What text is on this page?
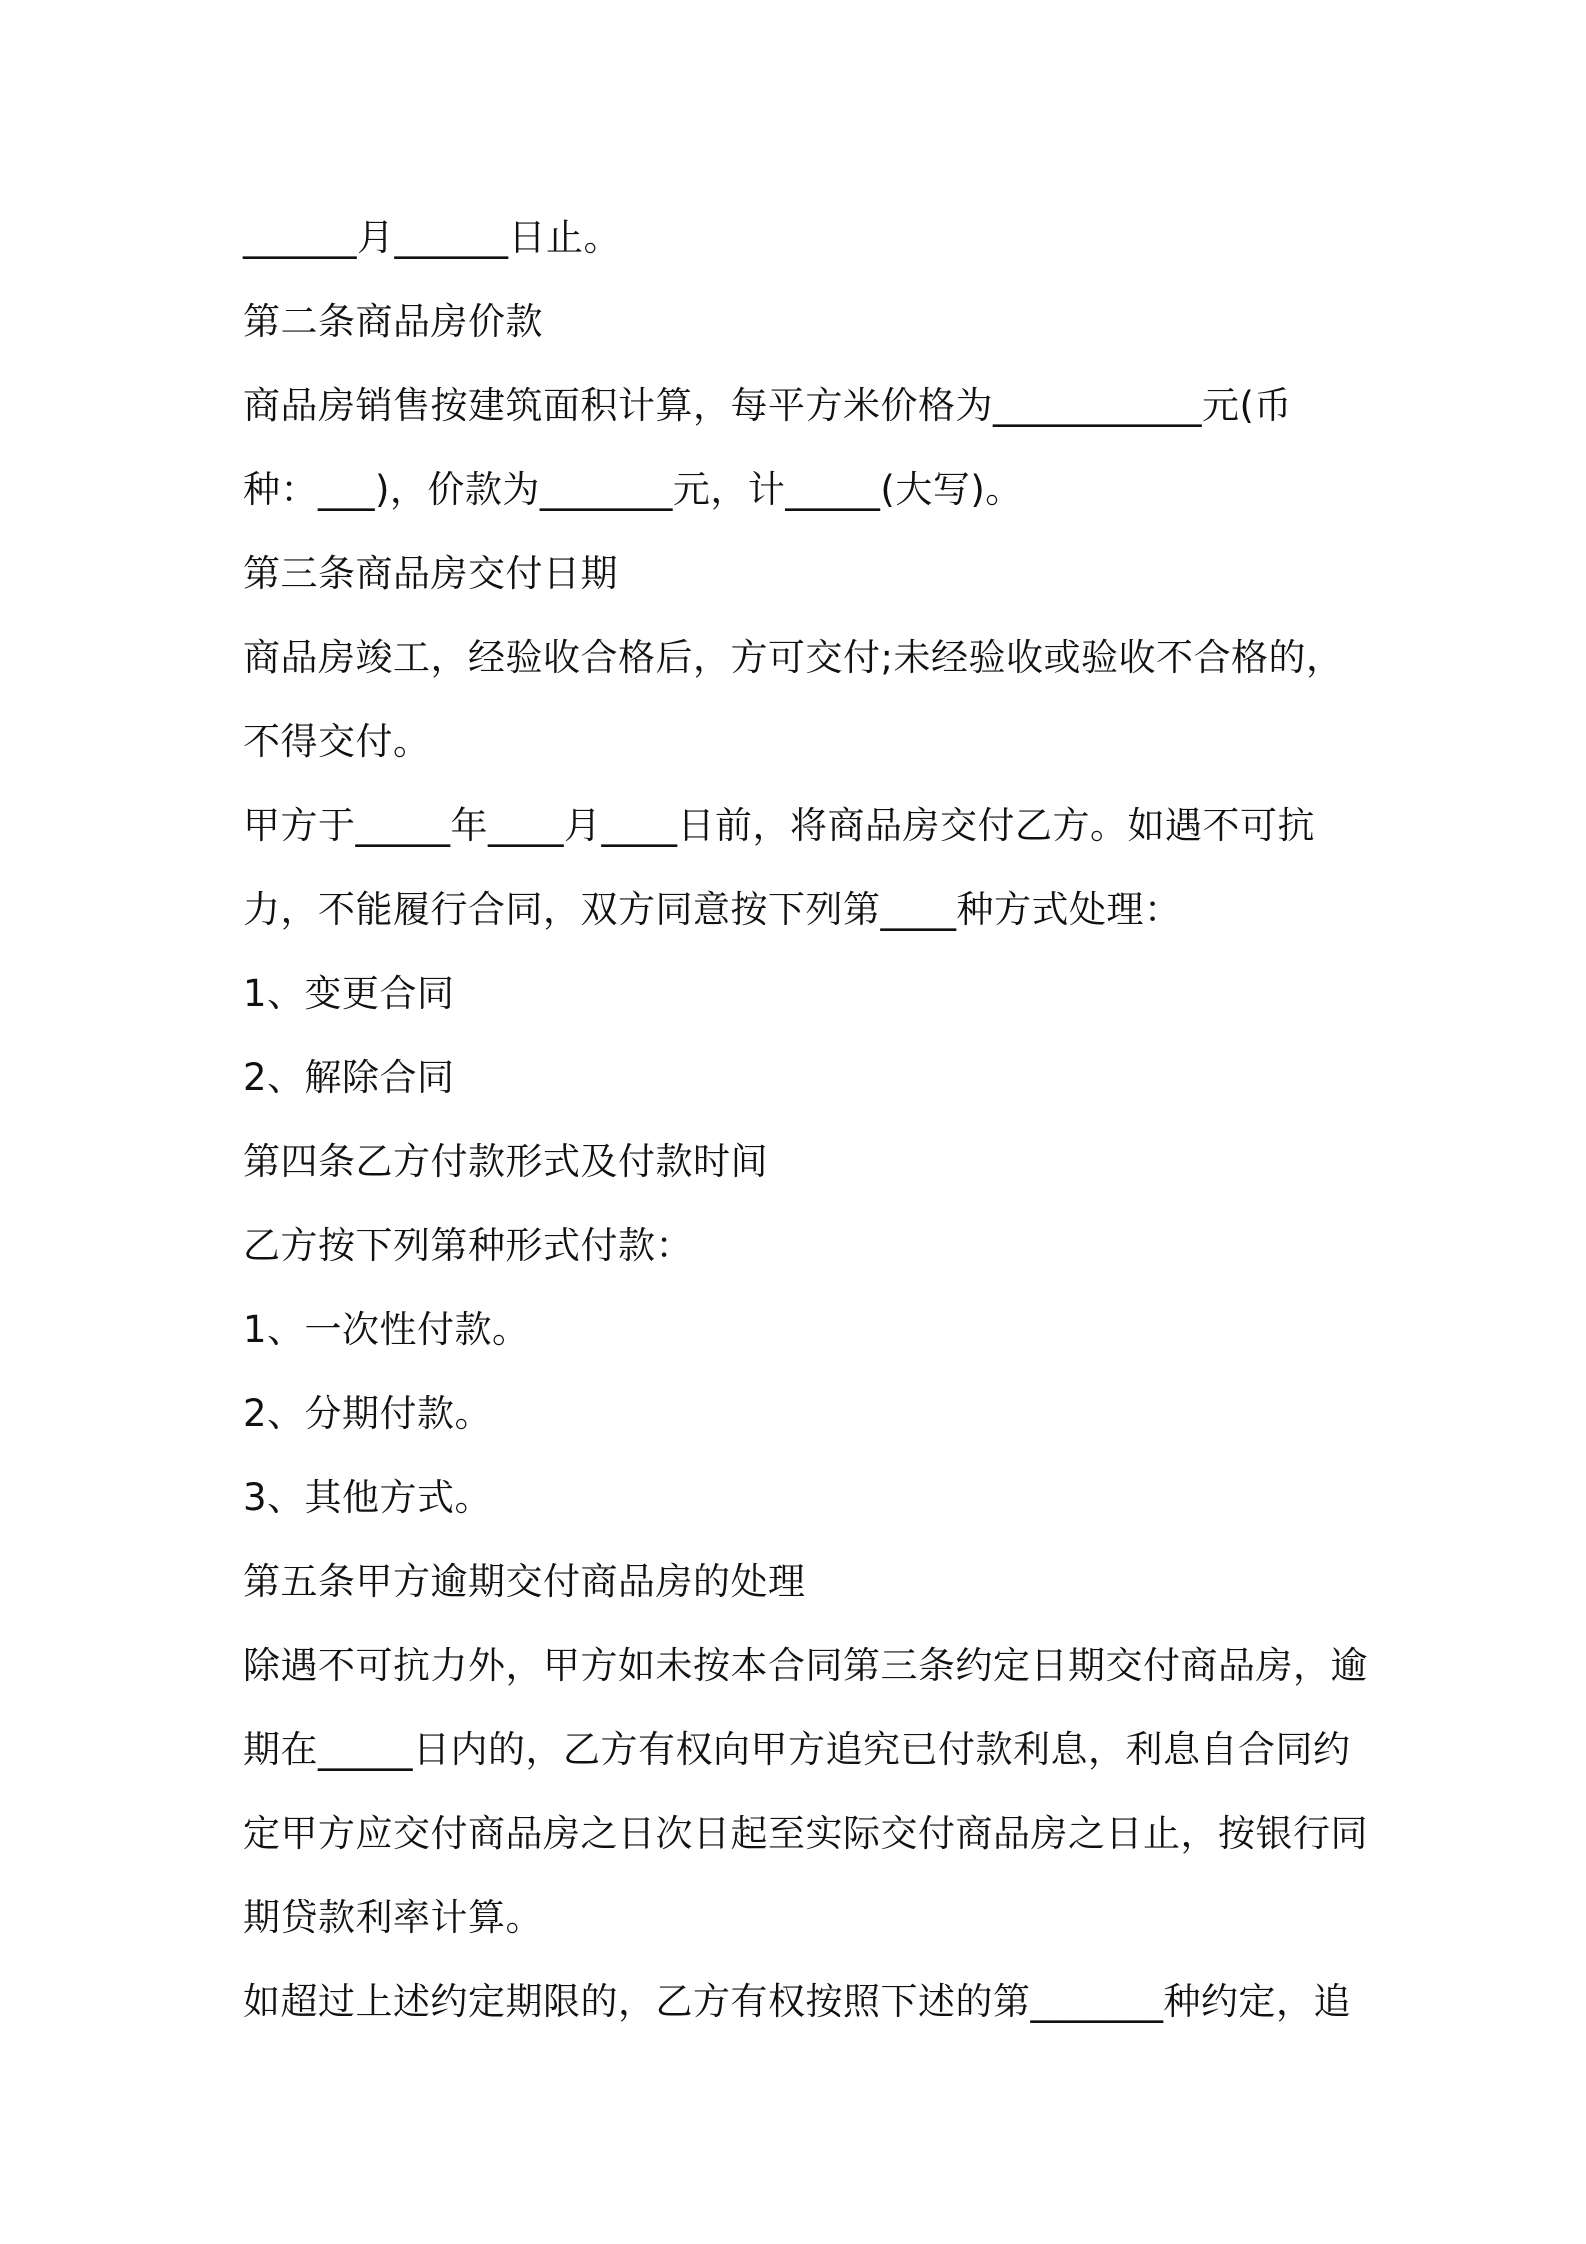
______月______日止。
第二条商品房价款
商品房销售按建筑面积计算，每平方米价格为___________元(币
种：___)，价款为_______元，计_____(大写)。
第三条商品房交付日期
商品房竣工，经验收合格后，方可交付;未经验收或验收不合格的，
不得交付。
甲方于_____年____月____日前，将商品房交付乙方。如遇不可抗
力，不能履行合同，双方同意按下列第____种方式处理：
1、变更合同
2、解除合同
第四条乙方付款形式及付款时间
乙方按下列第种形式付款：
1、一次性付款。
2、分期付款。
3、其他方式。
第五条甲方逾期交付商品房的处理
除遇不可抗力外，甲方如未按本合同第三条约定日期交付商品房，逾
期在_____日内的，乙方有权向甲方追究已付款利息，利息自合同约
定甲方应交付商品房之日次日起至实际交付商品房之日止，按银行同
期贷款利率计算。
如超过上述约定期限的，乙方有权按照下述的第_______种约定，追
